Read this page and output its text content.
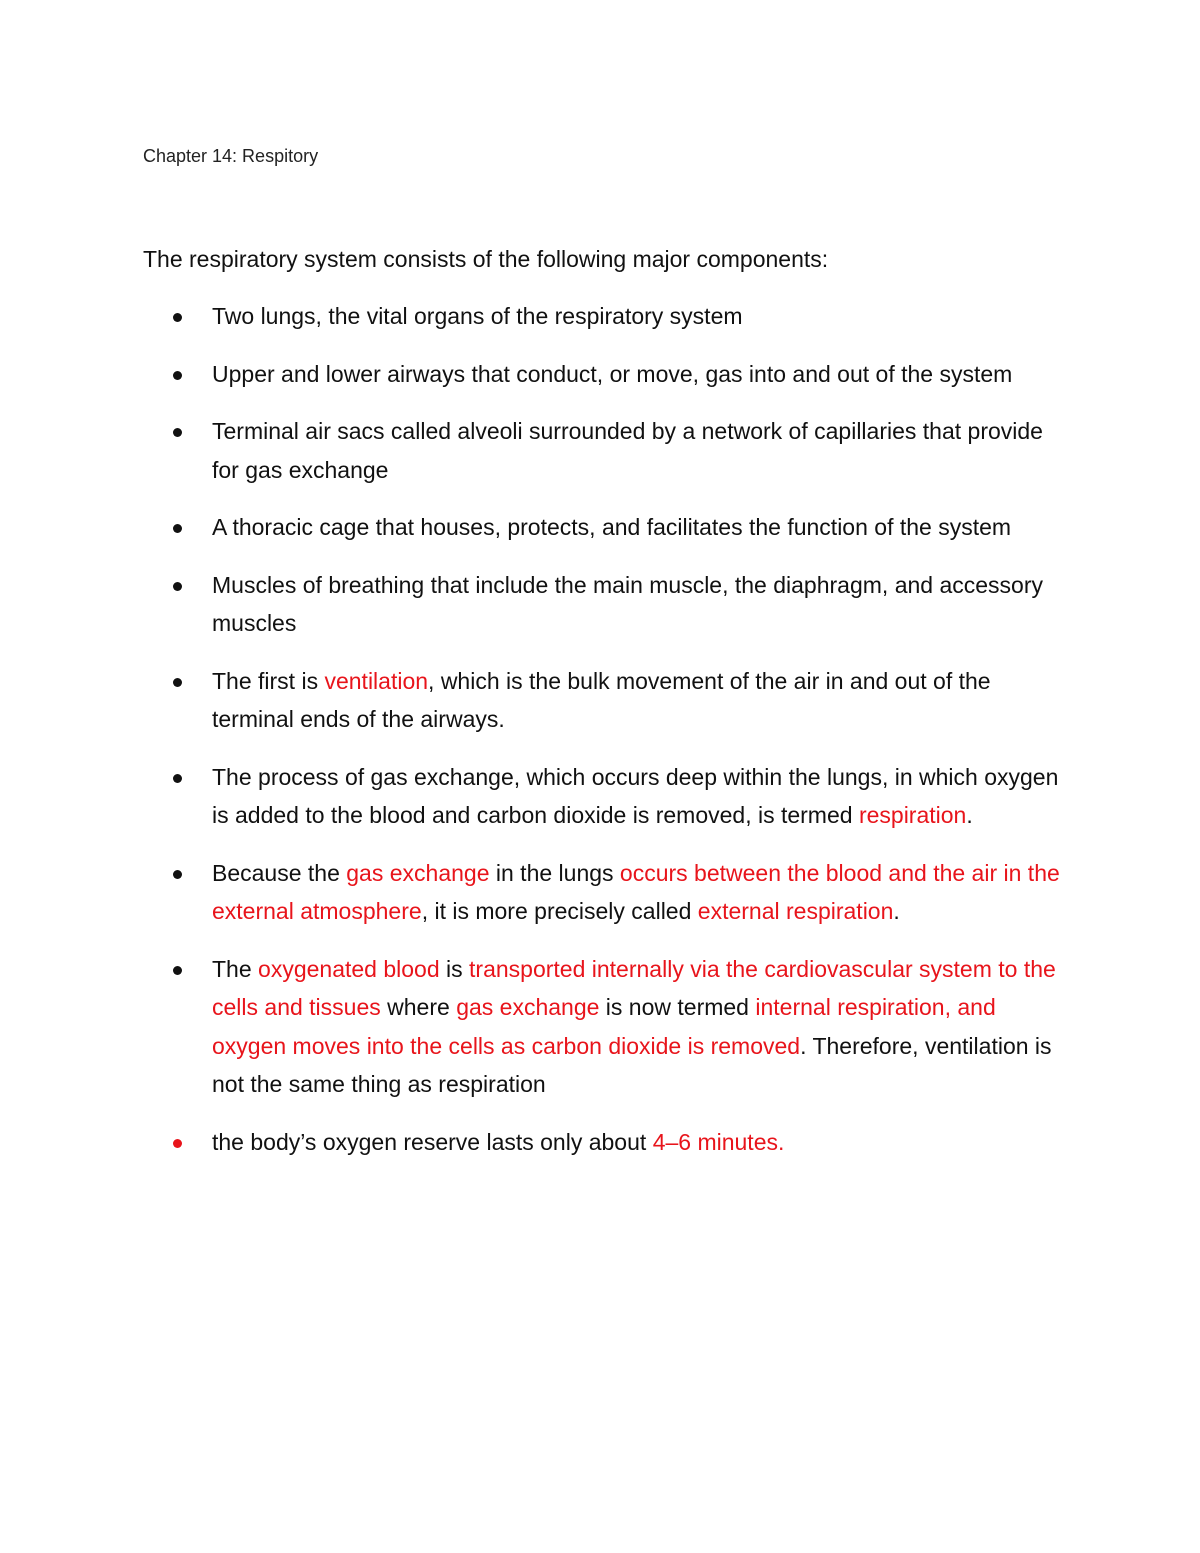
Chapter 14: Respitory
The respiratory system consists of the following major components:
Two lungs, the vital organs of the respiratory system
Upper and lower airways that conduct, or move, gas into and out of the system
Terminal air sacs called alveoli surrounded by a network of capillaries that provide for gas exchange
A thoracic cage that houses, protects, and facilitates the function of the system
Muscles of breathing that include the main muscle, the diaphragm, and accessory muscles
The first is ventilation, which is the bulk movement of the air in and out of the terminal ends of the airways.
The process of gas exchange, which occurs deep within the lungs, in which oxygen is added to the blood and carbon dioxide is removed, is termed respiration.
Because the gas exchange in the lungs occurs between the blood and the air in the external atmosphere, it is more precisely called external respiration.
The oxygenated blood is transported internally via the cardiovascular system to the cells and tissues where gas exchange is now termed internal respiration, and oxygen moves into the cells as carbon dioxide is removed. Therefore, ventilation is not the same thing as respiration
the body’s oxygen reserve lasts only about 4–6 minutes.
